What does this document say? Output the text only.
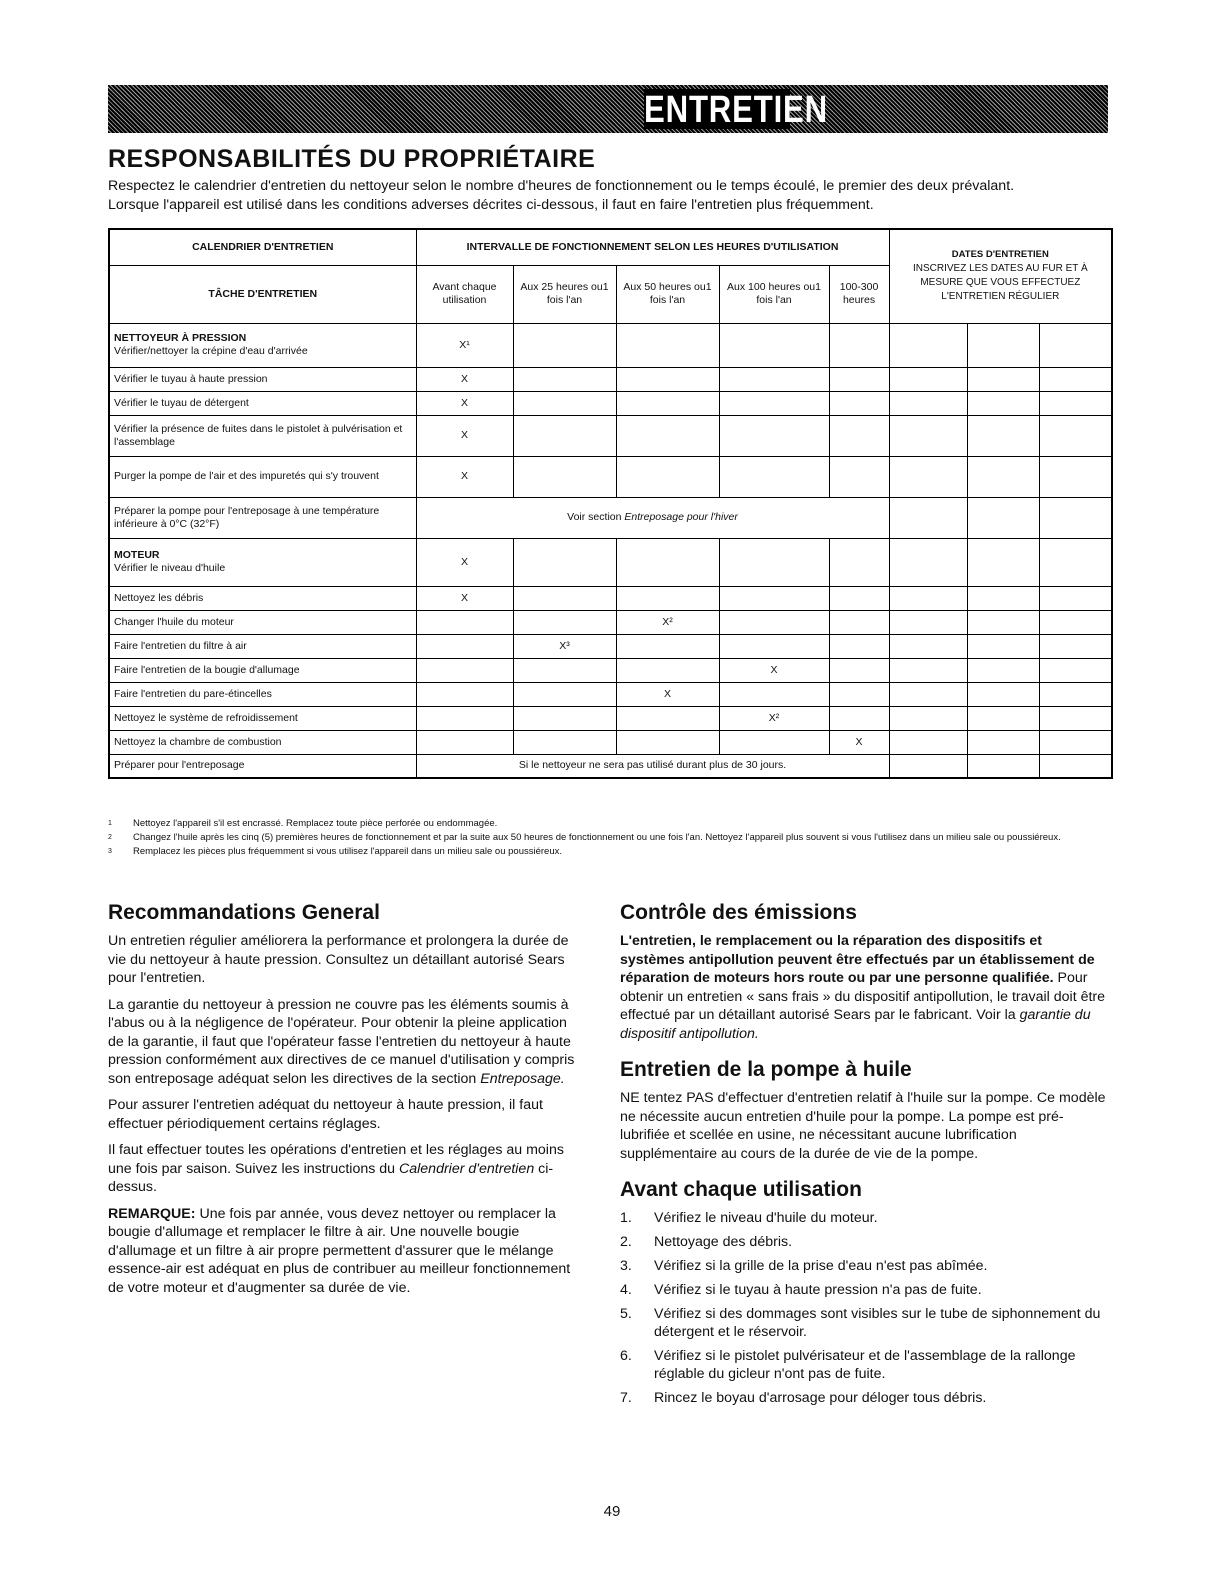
ENTRETIEN
RESPONSABILITÉS DU PROPRIÉTAIRE

Respectez le calendrier d'entretien du nettoyeur selon le nombre d'heures de fonctionnement ou le temps écoulé, le premier des deux prévalant.

Lorsque l'appareil est utilisé dans les conditions adverses décrites ci-dessous, il faut en faire l'entretien plus fréquemment.

CALENDRIER D'ENTRETIEN	INTERVALLE DE FONCTIONNEMENT SELON LES HEURES D'UTILISATION					DATES D'ENTRETIEN
INSCRIVEZ LES DATES AU FUR ET À MESURE QUE VOUS EFFECTUEZ L'ENTRETIEN RÉGULIER		
TÂCHE D'ENTRETIEN	Avant chaque utilisation	Aux 25 heures ou1 fois l'an	Aux 50 heures ou1 fois l'an	Aux 100 heures ou1 fois l'an	100-300 heures			

NETTOYEUR À PRESSION
Vérifier/nettoyer la crépine d'eau d'arrivée	X¹							
Vérifier le tuyau à haute pression	X							
Vérifier le tuyau de détergent	X							
Vérifier la présence de fuites dans le pistolet à pulvérisation et l'assemblage	X							
Purger la pompe de l'air et des impuretés qui s'y trouvent	X							
Préparer la pompe pour l'entreposage à une température inférieure à 0°C (32°F)	Voir section Entreposage pour l'hiver							

MOTEUR
Vérifier le niveau d'huile	X							
Nettoyez les débris	X							
Changer l'huile du moteur			X²					
Faire l'entretien du filtre à air		X³						
Faire l'entretien de la bougie d'allumage				X				
Faire l'entretien du pare-étincelles			X					
Nettoyez le système de refroidissement				X²				
Nettoyez la chambre de combustion					X			
Préparer pour l'entreposage	Si le nettoyeur ne sera pas utilisé durant plus de 30 jours.							
1 Nettoyez l'appareil s'il est encrassé. Remplacez toute pièce perforée ou endommagée.
2 Changez l'huile après les cinq (5) premières heures de fonctionnement et par la suite aux 50 heures de fonctionnement ou une fois l'an. Nettoyez l'appareil plus souvent si vous l'utilisez dans un milieu sale ou poussiéreux.
3 Remplacez les pièces plus fréquemment si vous utilisez l'appareil dans un milieu sale ou poussiéreux.
Recommandations General

Un entretien régulier améliorera la performance et prolongera la durée de vie du nettoyeur à haute pression. Consultez un détaillant autorisé Sears pour l'entretien.

La garantie du nettoyeur à pression ne couvre pas les éléments soumis à l'abus ou à la négligence de l'opérateur. Pour obtenir la pleine application de la garantie, il faut que l'opérateur fasse l'entretien du nettoyeur à haute pression conformément aux directives de ce manuel d'utilisation y compris son entreposage adéquat selon les directives de la section Entreposage.

Pour assurer l'entretien adéquat du nettoyeur à haute pression, il faut effectuer périodiquement certains réglages.

Il faut effectuer toutes les opérations d'entretien et les réglages au moins une fois par saison. Suivez les instructions du Calendrier d'entretien ci-dessus.

REMARQUE: Une fois par année, vous devez nettoyer ou remplacer la bougie d'allumage et remplacer le filtre à air. Une nouvelle bougie d'allumage et un filtre à air propre permettent d'assurer que le mélange essence-air est adéquat en plus de contribuer au meilleur fonctionnement de votre moteur et d'augmenter sa durée de vie.

Contrôle des émissions

L'entretien, le remplacement ou la réparation des dispositifs et systèmes antipollution peuvent être effectués par un établissement de réparation de moteurs hors route ou par une personne qualifiée. Pour obtenir un entretien « sans frais » du dispositif antipollution, le travail doit être effectué par un détaillant autorisé Sears par le fabricant. Voir la garantie du dispositif antipollution.

Entretien de la pompe à huile

NE tentez PAS d'effectuer d'entretien relatif à l'huile sur la pompe. Ce modèle ne nécessite aucun entretien d'huile pour la pompe. La pompe est pré-lubrifiée et scellée en usine, ne nécessitant aucune lubrification supplémentaire au cours de la durée de vie de la pompe.

Avant chaque utilisation
1. Vérifiez le niveau d'huile du moteur.
2. Nettoyage des débris.
3. Vérifiez si la grille de la prise d'eau n'est pas abîmée.
4. Vérifiez si le tuyau à haute pression n'a pas de fuite.
5. Vérifiez si des dommages sont visibles sur le tube de siphonnement du détergent et le réservoir.
6. Vérifiez si le pistolet pulvérisateur et de l'assemblage de la rallonge réglable du gicleur n'ont pas de fuite.
7. Rincez le boyau d'arrosage pour déloger tous débris.
49
